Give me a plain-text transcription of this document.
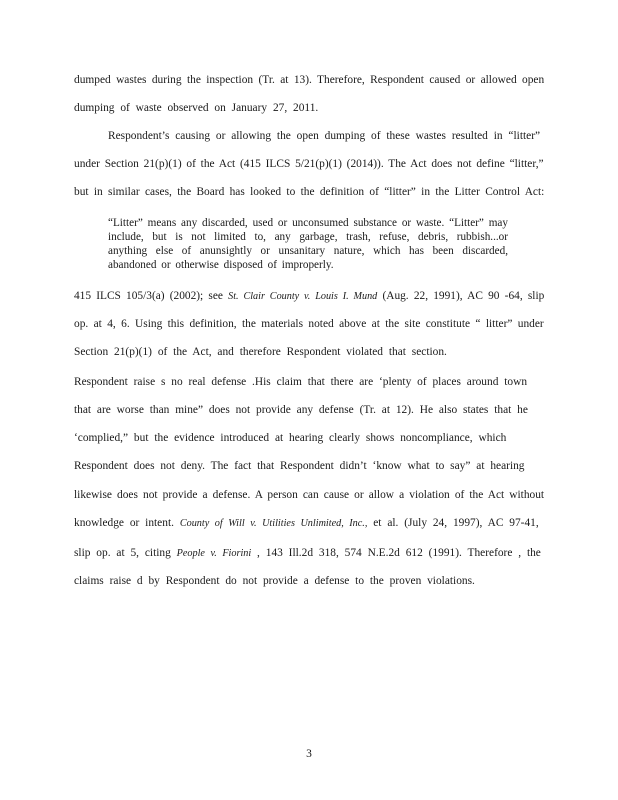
dumped wastes during the inspection (Tr. at 13). Therefore, Respondent caused or allowed open
dumping of waste observed on January 27, 2011.
Respondent’s causing or allowing the open dumping of these wastes resulted in “litter”
under Section 21(p)(1) of the Act (415 ILCS 5/21(p)(1) (2014)). The Act does not define “litter,”
but in similar cases, the Board has looked to the definition of “litter” in the Litter Control Act:

“Litter” means any discarded, used or unconsumed substance or waste. “Litter” may include, but is not limited to, any garbage, trash, refuse, debris, rubbish...or anything else of anunsightly or unsanitary nature, which has been discarded, abandoned or otherwise disposed of improperly.

415 ILCS 105/3(a) (2002); see St. Clair County v. Louis I. Mund (Aug. 22, 1991), AC 90 -64, slip
op. at 4, 6. Using this definition, the materials noted above at the site constitute “ litter” under
Section 21(p)(1) of the Act, and therefore Respondent violated that section.
Respondent raise s no real defense .His claim that there are ‘plenty of places around town
that are worse than mine” does not provide any defense (Tr. at 12). He also states that he
‘complied,” but the evidence introduced at hearing clearly shows noncompliance, which
Respondent does not deny. The fact that Respondent didn’t ‘know what to say” at hearing
likewise does not provide a defense. A person can cause or allow a violation of the Act without
knowledge or intent. County of Will v. Utilities Unlimited, Inc., et al. (July 24, 1997), AC 97-41,
slip op. at 5, citing People v. Fiorini , 143 Ill.2d 318, 574 N.E.2d 612 (1991). Therefore , the
claims raise d by Respondent do not provide a defense to the proven violations.
3
